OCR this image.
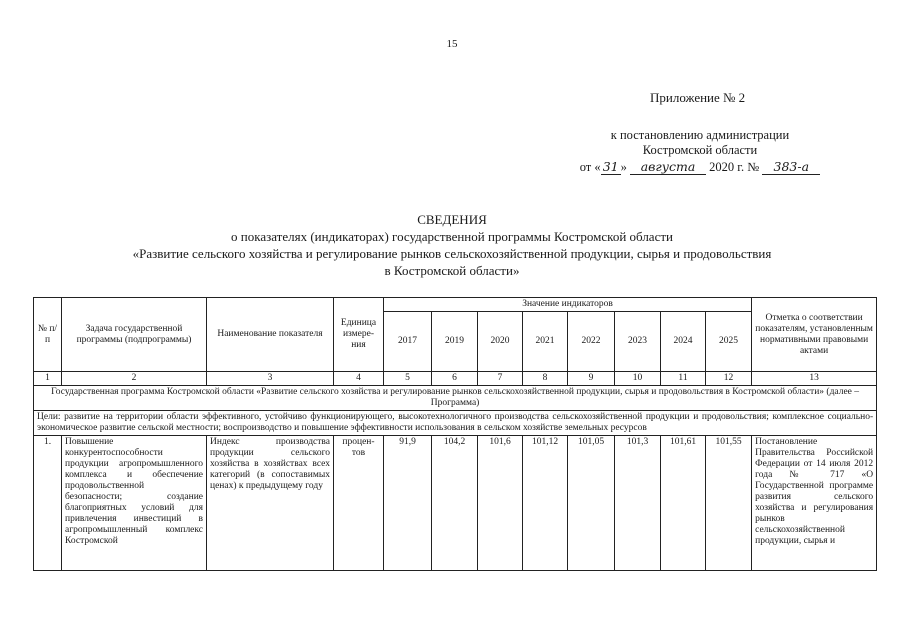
15
Приложение № 2
к постановлению администрации
Костромской области
от « 31 » августа 2020 г. № 383-а
СВЕДЕНИЯ
о показателях (индикаторах) государственной программы Костромской области
«Развитие сельского хозяйства и регулирование рынков сельскохозяйственной продукции, сырья и продовольствия
в Костромской области»
№ п/п	Задача государственной программы (подпрограммы)	Наименование показателя	Единица измере-ния	Значение индикаторов								Отметка о соответствии показателям, установленным нормативными правовыми актами
				2017	2019	2020	2021	2022	2023	2024	2025	
1	2	3	4	5	6	7	8	9	10	11	12	13
Государственная программа Костромской области «Развитие сельского хозяйства и регулирование рынков сельскохозяйственной продукции, сырья и продовольствия в Костромской области» (далее – Программа)												
Цели: развитие на территории области эффективного, устойчиво функционирующего, высокотехнологичного производства сельскохозяйственной продукции и продовольствия; комплексное социально-экономическое развитие сельской местности; воспроизводство и повышение эффективности использования в сельском хозяйстве земельных ресурсов												
1.	Повышение конкурентоспособности продукции агропромышленного комплекса и обеспечение продовольственной безопасности; создание благоприятных условий для привлечения инвестиций в агропромышленный комплекс Костромской	Индекс производства продукции сельского хозяйства в хозяйствах всех категорий (в сопоставимых ценах) к предыдущему году	процен-тов	91,9	104,2	101,6	101,12	101,05	101,3	101,61	101,55	Постановление Правительства Российской Федерации от 14 июля 2012 года № 717 «О Государственной программе развития сельского хозяйства и регулирования рынков сельскохозяйственной продукции, сырья и
